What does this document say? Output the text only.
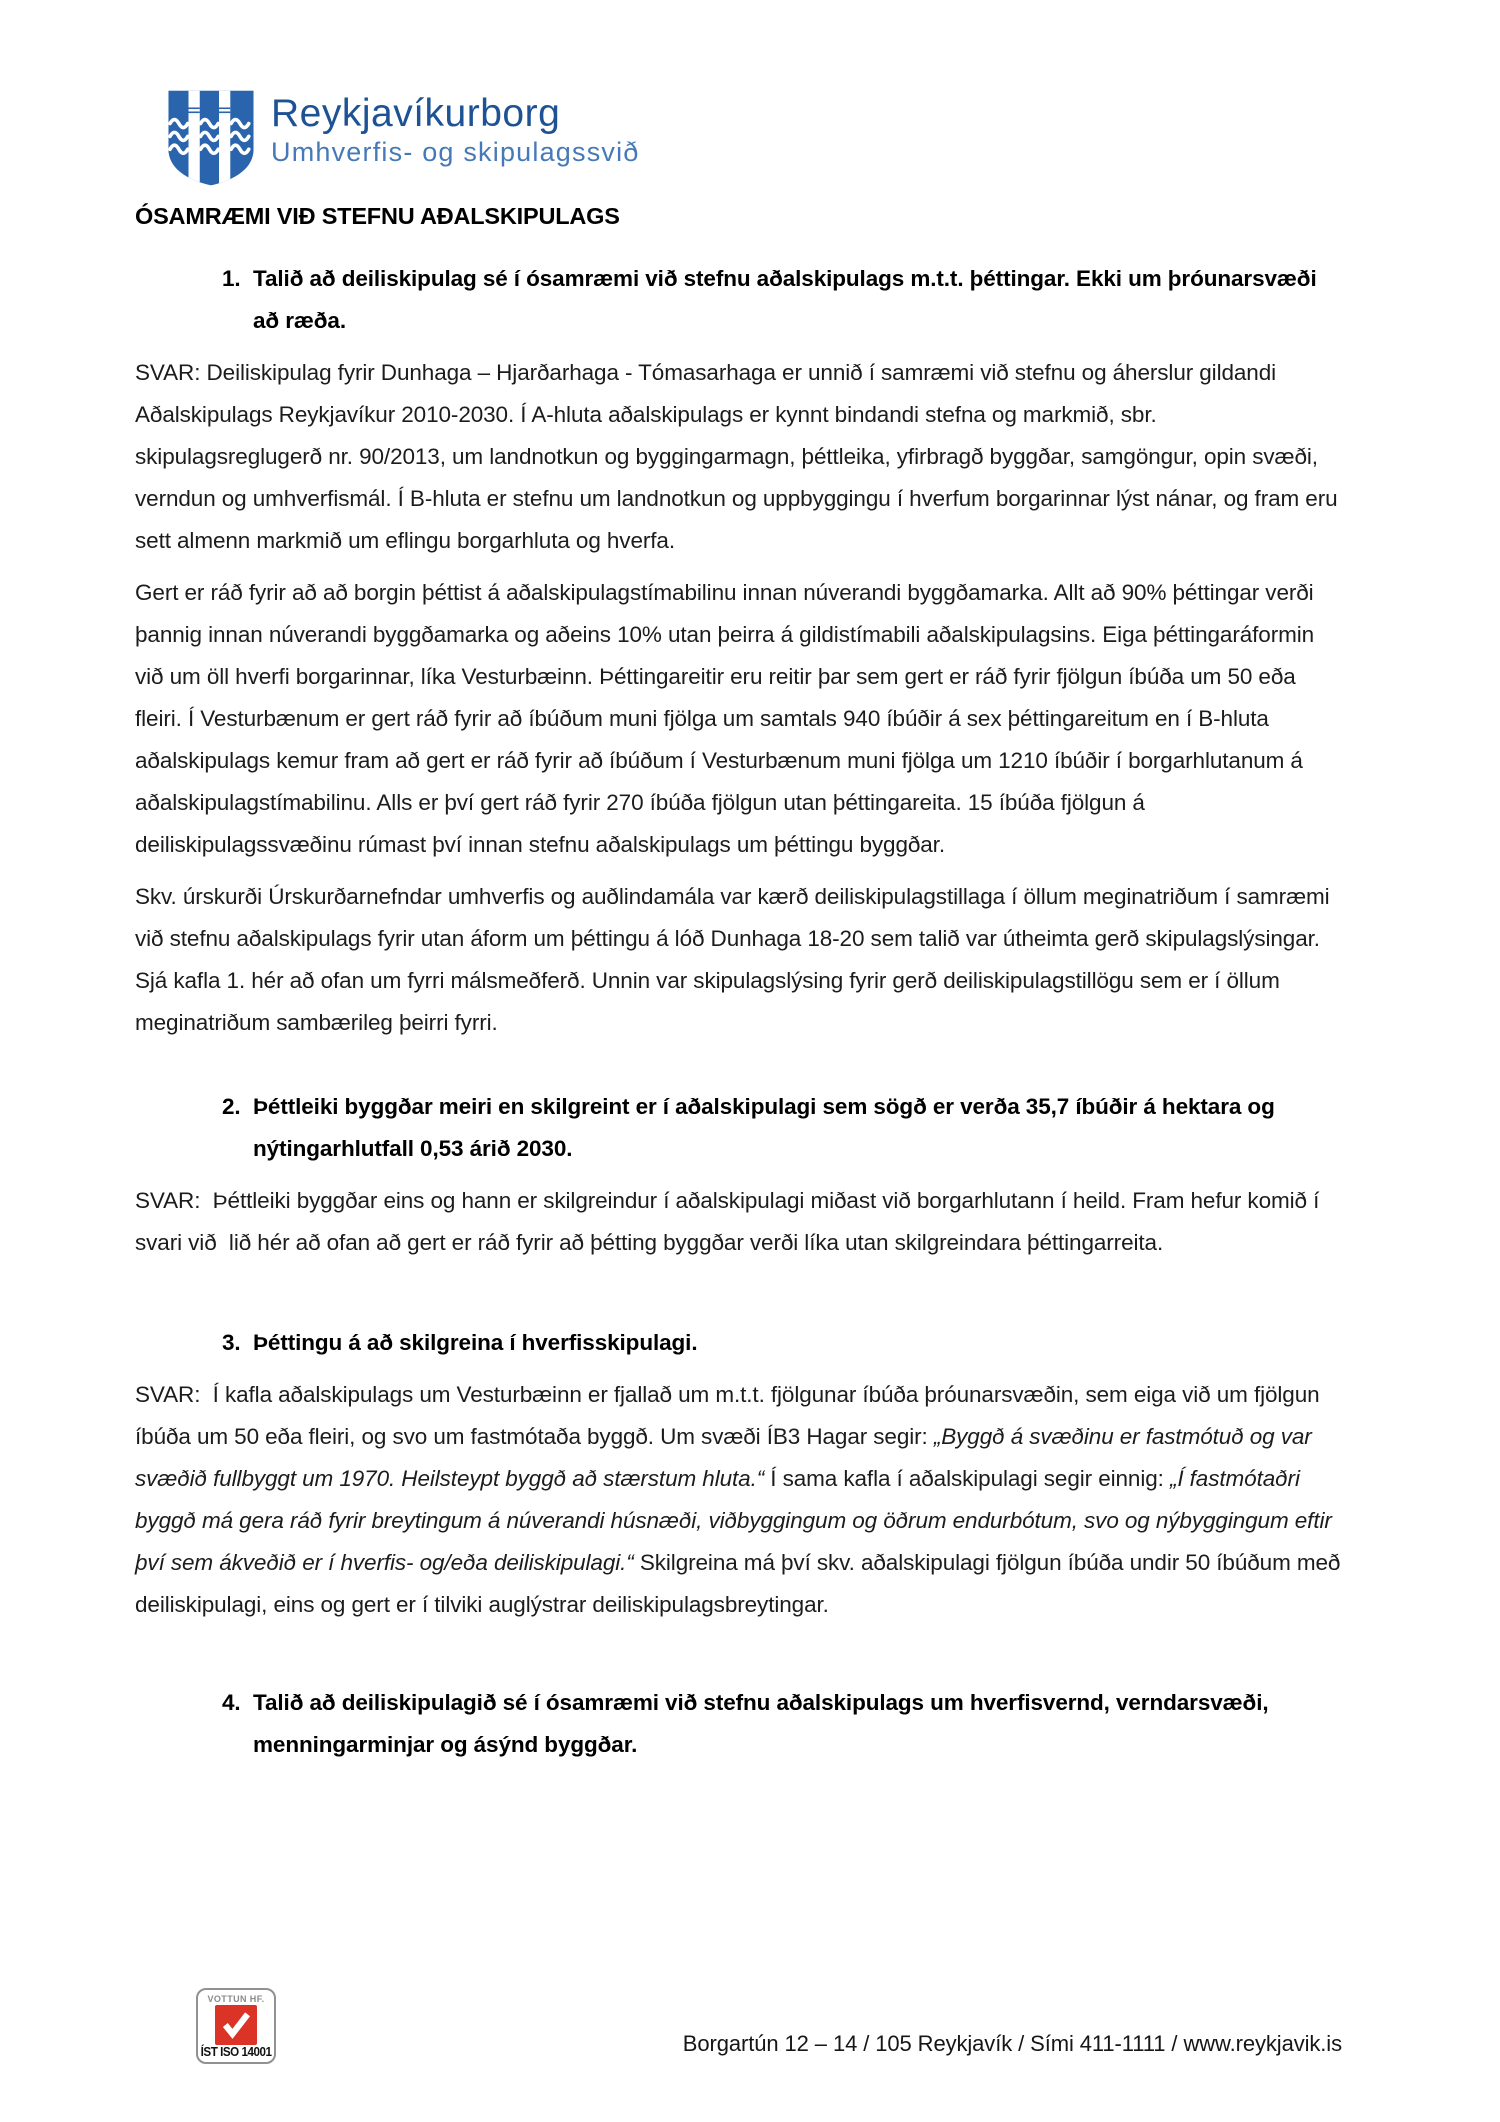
Reykjavíkurborg
Umhverfis- og skipulagssvið
ÓSAMRÆMI VIÐ STEFNU AÐALSKIPULAGS
1. Talið að deiliskipulag sé í ósamræmi við stefnu aðalskipulags m.t.t. þéttingar. Ekki um þróunarsvæði að ræða.

SVAR: Deiliskipulag fyrir Dunhaga – Hjarðarhaga - Tómasarhaga er unnið í samræmi við stefnu og áherslur gildandi Aðalskipulags Reykjavíkur 2010-2030. Í A-hluta aðalskipulags er kynnt bindandi stefna og markmið, sbr. skipulagsreglugerð nr. 90/2013, um landnotkun og byggingarmagn, þéttleika, yfirbragð byggðar, samgöngur, opin svæði, verndun og umhverfismál. Í B-hluta er stefnu um landnotkun og uppbyggingu í hverfum borgarinnar lýst nánar, og fram eru sett almenn markmið um eflingu borgarhluta og hverfa.

Gert er ráð fyrir að að borgin þéttist á aðalskipulagstímabilinu innan núverandi byggðamarka. Allt að 90% þéttingar verði þannig innan núverandi byggðamarka og aðeins 10% utan þeirra á gildistímabili aðalskipulagsins. Eiga þéttingaráformin við um öll hverfi borgarinnar, líka Vesturbæinn. Þéttingareitir eru reitir þar sem gert er ráð fyrir fjölgun íbúða um 50 eða fleiri. Í Vesturbænum er gert ráð fyrir að íbúðum muni fjölga um samtals 940 íbúðir á sex þéttingareitum en í B-hluta aðalskipulags kemur fram að gert er ráð fyrir að íbúðum í Vesturbænum muni fjölga um 1210 íbúðir í borgarhlutanum á aðalskipulagstímabilinu. Alls er því gert ráð fyrir 270 íbúða fjölgun utan þéttingareita. 15 íbúða fjölgun á deiliskipulagssvæðinu rúmast því innan stefnu aðalskipulags um þéttingu byggðar.

Skv. úrskurði Úrskurðarnefndar umhverfis og auðlindamála var kærð deiliskipulagstillaga í öllum meginatriðum í samræmi við stefnu aðalskipulags fyrir utan áform um þéttingu á lóð Dunhaga 18-20 sem talið var útheimta gerð skipulagslýsingar. Sjá kafla 1. hér að ofan um fyrri málsmeðferð. Unnin var skipulagslýsing fyrir gerð deiliskipulagstillögu sem er í öllum meginatriðum sambærileg þeirri fyrri.

2. Þéttleiki byggðar meiri en skilgreint er í aðalskipulagi sem sögð er verða 35,7 íbúðir á hektara og nýtingarhlutfall 0,53 árið 2030.

SVAR:  Þéttleiki byggðar eins og hann er skilgreindur í aðalskipulagi miðast við borgarhlutann í heild. Fram hefur komið í svari við  lið hér að ofan að gert er ráð fyrir að þétting byggðar verði líka utan skilgreindara þéttingarreita.

3. Þéttingu á að skilgreina í hverfisskipulagi.

SVAR:  Í kafla aðalskipulags um Vesturbæinn er fjallað um m.t.t. fjölgunar íbúða þróunarsvæðin, sem eiga við um fjölgun íbúða um 50 eða fleiri, og svo um fastmótaða byggð. Um svæði ÍB3 Hagar segir: „Byggð á svæðinu er fastmótuð og var svæðið fullbyggt um 1970. Heilsteypt byggð að stærstum hluta.“ Í sama kafla í aðalskipulagi segir einnig: „Í fastmótaðri byggð má gera ráð fyrir breytingum á núverandi húsnæði, viðbyggingum og öðrum endurbótum, svo og nýbyggingum eftir því sem ákveðið er í hverfis- og/eða deiliskipulagi.“ Skilgreina má því skv. aðalskipulagi fjölgun íbúða undir 50 íbúðum með deiliskipulagi, eins og gert er í tilviki auglýstrar deiliskipulagsbreytingar.

4. Talið að deiliskipulagið sé í ósamræmi við stefnu aðalskipulags um hverfisvernd, verndarsvæði, menningarminjar og ásýnd byggðar.
VOTTUN HF.
ÍST ISO 14001	Borgartún 12 – 14 / 105 Reykjavík / Sími 411-1111 / www.reykjavik.is
